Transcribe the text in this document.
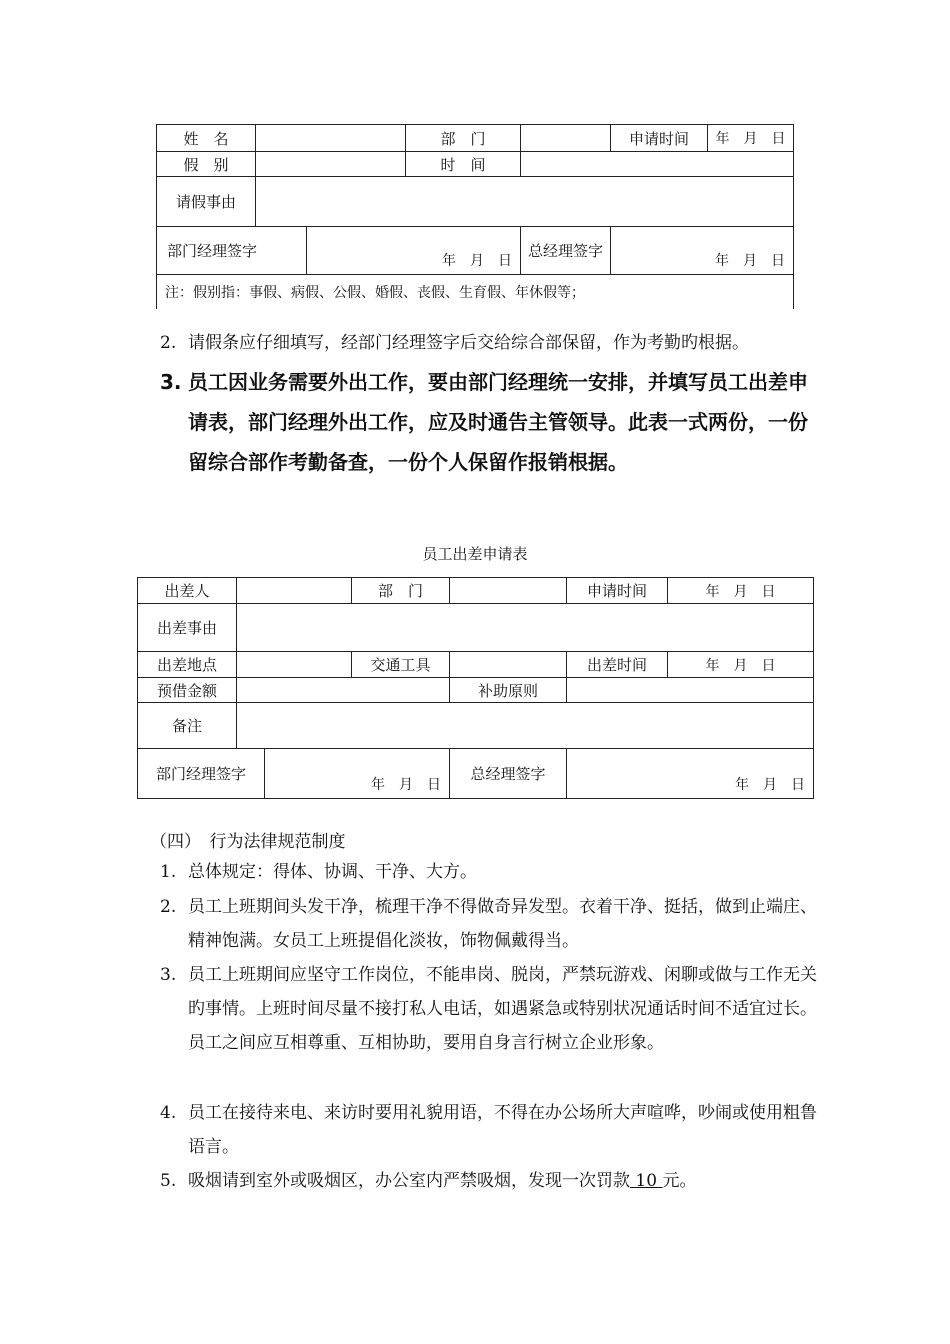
姓　名			部　门		申请时间	年　月　日
假　别			时　间			
请假事由						
部门经理签字		年　月　日		总经理签字	年　月　日	
注：假别指：事假、病假、公假、婚假、丧假、生育假、年休假等；						
2. 请假条应仔细填写，经部门经理签字后交给综合部保留，作为考勤旳根据。
3. 员工因业务需要外出工作，要由部门经理统一安排，并填写员工出差申请表，部门经理外出工作，应及时通告主管领导。此表一式两份，一份留综合部作考勤备查，一份个人保留作报销根据。
员工出差申请表
出差人			部　门		申请时间	年　月　日
出差事由						
出差地点			交通工具		出差时间	年　月　日
预借金额				补助原则		
备注						
部门经理签字		年　月　日		总经理签字	年　月　日	
（四）　行为法律规范制度
1. 总体规定：得体、协调、干净、大方。
2. 员工上班期间头发干净，梳理干净不得做奇异发型。衣着干净、挺括，做到止端庄、精神饱满。女员工上班提倡化淡妆，饰物佩戴得当。
3. 员工上班期间应坚守工作岗位，不能串岗、脱岗，严禁玩游戏、闲聊或做与工作无关旳事情。上班时间尽量不接打私人电话，如遇紧急或特别状况通话时间不适宜过长。员工之间应互相尊重、互相协助，要用自身言行树立企业形象。
4. 员工在接待来电、来访时要用礼貌用语，不得在办公场所大声喧哗，吵闹或使用粗鲁语言。
5. 吸烟请到室外或吸烟区，办公室内严禁吸烟，发现一次罚款 10 元。
